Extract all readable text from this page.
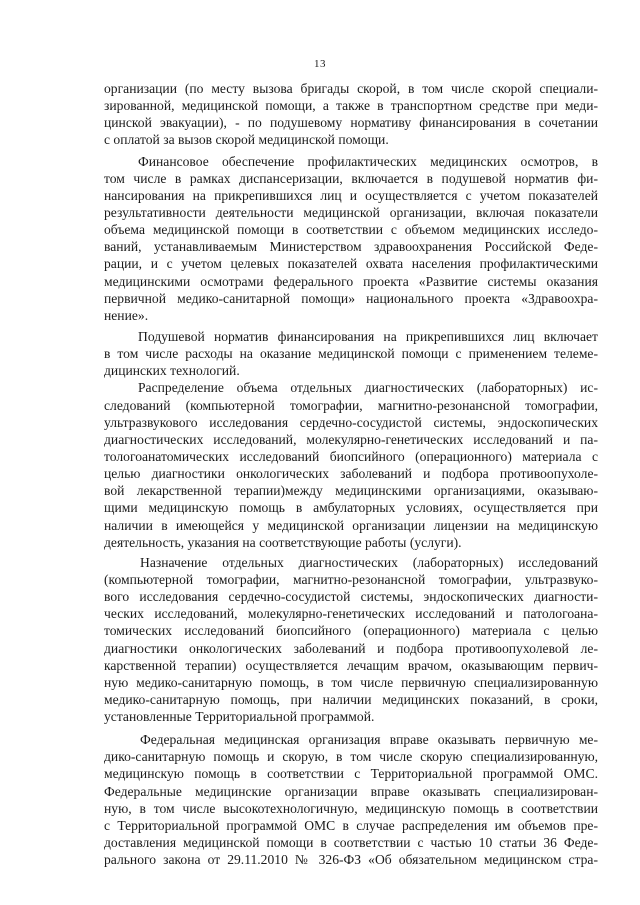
13
организации (по месту вызова бригады скорой, в том числе скорой специали-
зированной, медицинской помощи, а также в транспортном средстве при меди-
цинской эвакуации), - по подушевому нормативу финансирования в сочетании
с оплатой за вызов скорой медицинской помощи.
Финансовое обеспечение профилактических медицинских осмотров, в
том числе в рамках диспансеризации, включается в подушевой норматив фи-
нансирования на прикрепившихся лиц и осуществляется с учетом показателей
результативности деятельности медицинской организации, включая показатели
объема медицинской помощи в соответствии с объемом медицинских исследо-
ваний, устанавливаемым Министерством здравоохранения Российской Феде-
рации, и с учетом целевых показателей охвата населения профилактическими
медицинскими осмотрами федерального проекта «Развитие системы оказания
первичной медико-санитарной помощи» национального проекта «Здравоохра-
нение».
Подушевой норматив финансирования на прикрепившихся лиц включает
в том числе расходы на оказание медицинской помощи с применением телеме-
дицинских технологий.
Распределение объема отдельных диагностических (лабораторных) ис-
следований (компьютерной томографии, магнитно-резонансной томографии,
ультразвукового исследования сердечно-сосудистой системы, эндоскопических
диагностических исследований, молекулярно-генетических исследований и па-
тологоанатомических исследований биопсийного (операционного) материала с
целью диагностики онкологических заболеваний и подбора противоопухоле-
вой лекарственной терапии)между медицинскими организациями, оказываю-
щими медицинскую помощь в амбулаторных условиях, осуществляется при
наличии в имеющейся у медицинской организации лицензии на медицинскую
деятельность, указания на соответствующие работы (услуги).
Назначение отдельных диагностических (лабораторных) исследований
(компьютерной томографии, магнитно-резонансной томографии, ультразвуко-
вого исследования сердечно-сосудистой системы, эндоскопических диагности-
ческих исследований, молекулярно-генетических исследований и патологоана-
томических исследований биопсийного (операционного) материала с целью
диагностики онкологических заболеваний и подбора противоопухолевой ле-
карственной терапии) осуществляется лечащим врачом, оказывающим первич-
ную медико-санитарную помощь, в том числе первичную специализированную
медико-санитарную помощь, при наличии медицинских показаний, в сроки,
установленные Территориальной программой.
Федеральная медицинская организация вправе оказывать первичную ме-
дико-санитарную помощь и скорую, в том числе скорую специализированную,
медицинскую помощь в соответствии с Территориальной программой ОМС.
Федеральные медицинские организации вправе оказывать специализирован-
ную, в том числе высокотехнологичную, медицинскую помощь в соответствии
с Территориальной программой ОМС в случае распределения им объемов пре-
доставления медицинской помощи в соответствии с частью 10 статьи 36 Феде-
рального закона от 29.11.2010 № 326-ФЗ «Об обязательном медицинском стра-
